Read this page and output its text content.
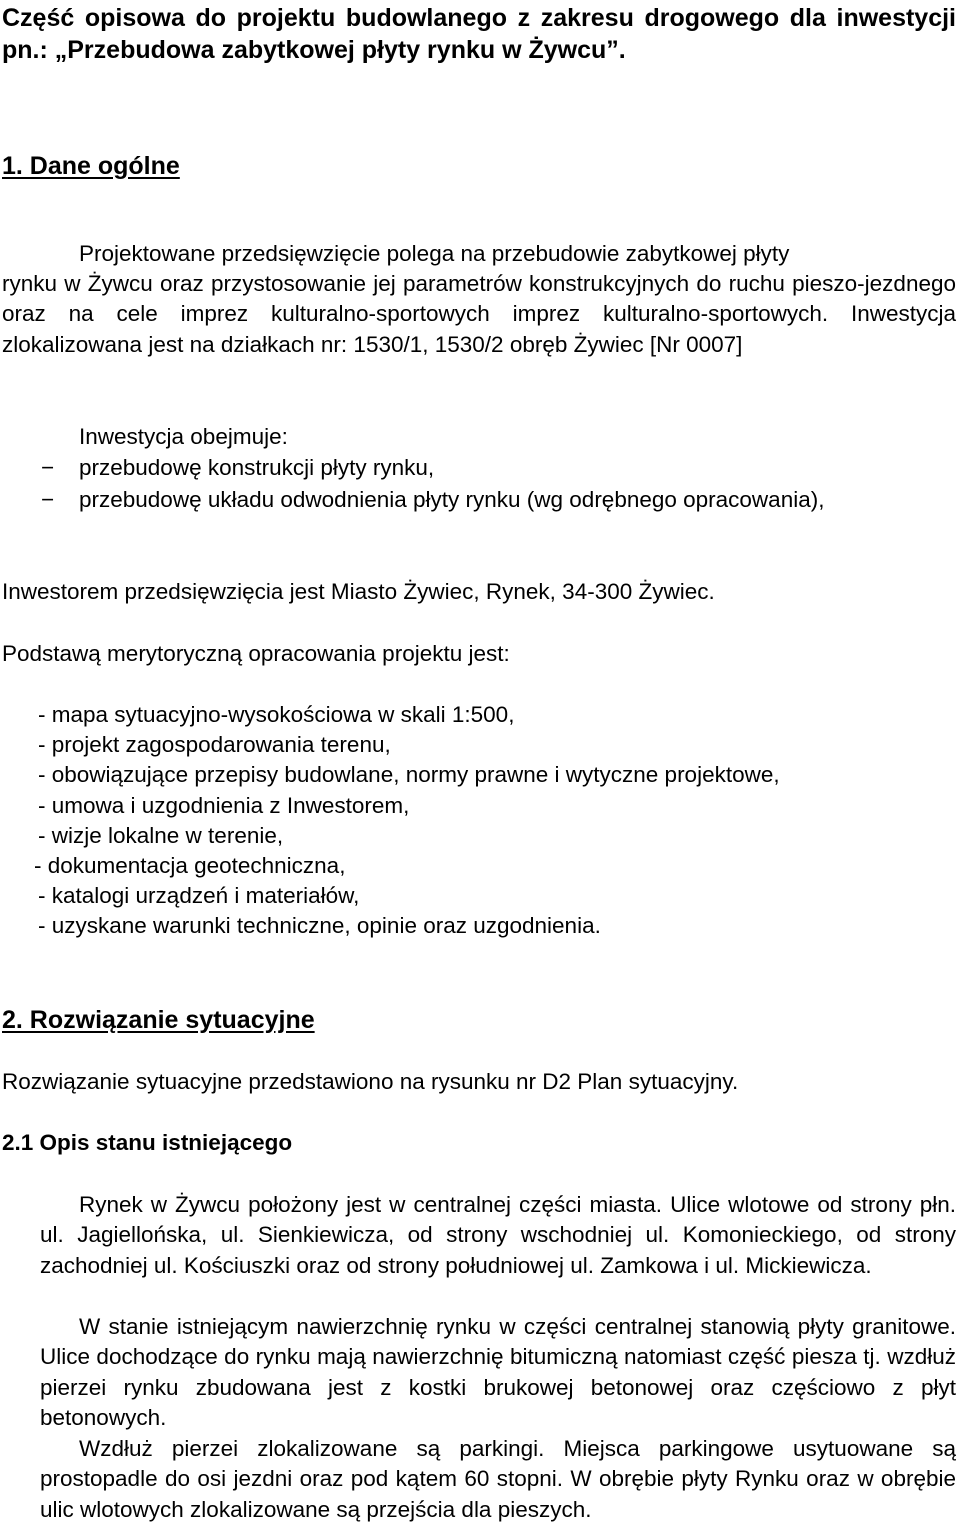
Część opisowa do projektu budowlanego z zakresu drogowego dla inwestycji pn.: „Przebudowa zabytkowej płyty rynku w Żywcu”.
1. Dane ogólne
Projektowane przedsięwzięcie polega na przebudowie zabytkowej płyty
rynku w Żywcu oraz przystosowanie jej parametrów konstrukcyjnych do ruchu pieszo-jezdnego oraz na cele imprez kulturalno-sportowych imprez kulturalno-sportowych. Inwestycja zlokalizowana jest na działkach nr: 1530/1, 1530/2 obręb Żywiec [Nr 0007]
Inwestycja obejmuje:
− przebudowę konstrukcji płyty rynku,
− przebudowę układu odwodnienia płyty rynku (wg odrębnego opracowania),
Inwestorem przedsięwzięcia jest Miasto Żywiec, Rynek, 34-300 Żywiec.
Podstawą merytoryczną opracowania projektu jest:
- mapa sytuacyjno-wysokościowa w skali 1:500,
- projekt zagospodarowania terenu,
- obowiązujące przepisy budowlane, normy prawne i wytyczne projektowe,
- umowa i uzgodnienia z Inwestorem,
- wizje lokalne w terenie,
- dokumentacja geotechniczna,
- katalogi urządzeń i materiałów,
- uzyskane warunki techniczne, opinie oraz uzgodnienia.
2. Rozwiązanie sytuacyjne
Rozwiązanie sytuacyjne przedstawiono na rysunku nr D2 Plan sytuacyjny.
2.1 Opis stanu istniejącego
Rynek w Żywcu położony jest w centralnej części miasta. Ulice wlotowe od strony płn. ul. Jagiellońska, ul. Sienkiewicza, od strony wschodniej ul. Komonieckiego, od strony zachodniej ul. Kościuszki oraz od strony południowej ul. Zamkowa i ul. Mickiewicza.
W stanie istniejącym nawierzchnię rynku w części centralnej stanowią płyty granitowe. Ulice dochodzące do rynku mają nawierzchnię bitumiczną natomiast część piesza tj. wzdłuż pierzei rynku zbudowana jest z kostki brukowej betonowej oraz częściowo z płyt betonowych.
Wzdłuż pierzei zlokalizowane są parkingi. Miejsca parkingowe usytuowane są prostopadle do osi jezdni oraz pod kątem 60 stopni. W obrębie płyty Rynku oraz w obrębie ulic wlotowych zlokalizowane są przejścia dla pieszych.
